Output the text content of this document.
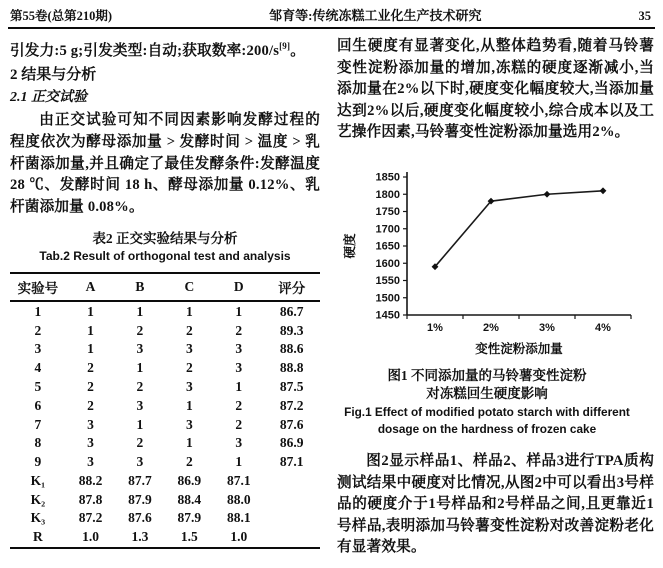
第55卷(总第210期)	邹育等:传统冻糕工业化生产技术研究	35

引发力:5 g;引发类型:自动;获取数率:200/s[9]。

2 结果与分析
2.1 正交试验

由正交试验可知不同因素影响发酵过程的程度依次为酵母添加量 > 发酵时间 > 温度 > 乳杆菌添加量,并且确定了最佳发酵条件:发酵温度 28 ℃、发酵时间 18 h、酵母添加量 0.12%、乳杆菌添加量 0.08%。

表2 正交实验结果与分析
Tab.2 Result of orthogonal test and analysis
实验号	A	B	C	D	评分
1	1	1	1	1	86.7
2	1	2	2	2	89.3
3	1	3	3	3	88.6
4	2	1	2	3	88.8
5	2	2	3	1	87.5
6	2	3	1	2	87.2
7	3	1	3	2	87.6
8	3	2	1	3	86.9
9	3	3	2	1	87.1
K₁	88.2	87.7	86.9	87.1	
K₂	87.8	87.9	88.4	88.0	
K₃	87.2	87.6	87.9	88.1	
R	1.0	1.3	1.5	1.0	

回生硬度有显著变化,从整体趋势看,随着马铃薯变性淀粉添加量的增加,冻糕的硬度逐渐减小,当添加量在2%以下时,硬度变化幅度较大,当添加量达到2%以后,硬度变化幅度较小,综合成本以及工艺操作因素,马铃薯变性淀粉添加量选用2%。

1450
1500
1550
1600
1650
1700
1750
1800
1850
1%	2%	3%	4%
硬度
变性淀粉添加量
图1 不同添加量的马铃薯变性淀粉
对冻糕回生硬度影响
Fig.1 Effect of modified potato starch with different
dosage on the hardness of frozen cake

图2显示样品1、样品2、样品3进行TPA质构测试结果中硬度对比情况,从图2中可以看出3号样品的硬度介于1号样品和2号样品之间,且更靠近1号样品,表明添加马铃薯变性淀粉对改善淀粉老化有显著效果。
